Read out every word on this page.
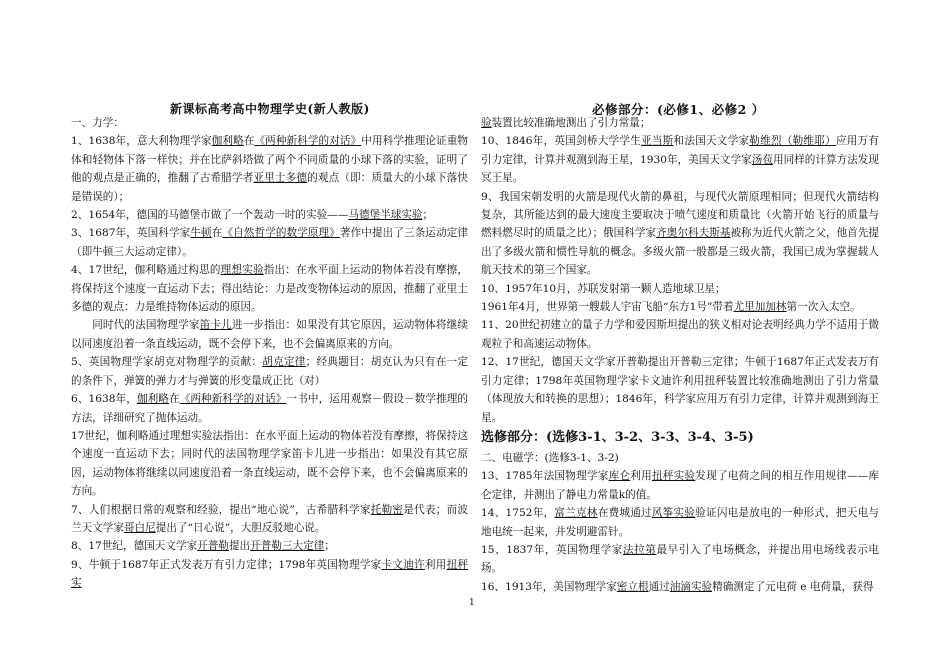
新课标高考高中物理学史(新人教版)	必修部分：(必修1、必修2 ）

一、力学：

1、1638年，意大利物理学家伽利略在《两种新科学的对话》中用科学推理论证重物体和轻物体下落一样快；并在比萨斜塔做了两个不同质量的小球下落的实验，证明了他的观点是正确的，推翻了古希腊学者亚里士多德的观点（即：质量大的小球下落快是错误的）；

2、1654年，德国的马德堡市做了一个轰动一时的实验——马德堡半球实验；

3、1687年，英国科学家牛顿在《自然哲学的数学原理》著作中提出了三条运动定律（即牛顿三大运动定律）。

4、17世纪，伽利略通过构思的理想实验指出：在水平面上运动的物体若没有摩擦，将保持这个速度一直运动下去；得出结论：力是改变物体运动的原因，推翻了亚里士多德的观点：力是维持物体运动的原因。

同时代的法国物理学家笛卡儿进一步指出：如果没有其它原因，运动物体将继续以同速度沿着一条直线运动，既不会停下来，也不会偏离原来的方向。

5、英国物理学家胡克对物理学的贡献：胡克定律；经典题目：胡克认为只有在一定的条件下，弹簧的弹力才与弹簧的形变量成正比（对）

6、1638年，伽利略在《两种新科学的对话》一书中，运用观察－假设－数学推理的方法，详细研究了抛体运动。

17世纪，伽利略通过理想实验法指出：在水平面上运动的物体若没有摩擦，将保持这个速度一直运动下去；同时代的法国物理学家笛卡儿进一步指出：如果没有其它原因，运动物体将继续以同速度沿着一条直线运动，既不会停下来，也不会偏离原来的方向。

7、人们根据日常的观察和经验，提出“地心说”，古希腊科学家托勒密是代表；而波兰天文学家哥白尼提出了“日心说”，大胆反驳地心说。

8、17世纪，德国天文学家开普勒提出开普勒三大定律；

9、牛顿于1687年正式发表万有引力定律；1798年英国物理学家卡文迪许利用扭秤实

验装置比较准确地测出了引力常量；

10、1846年，英国剑桥大学学生亚当斯和法国天文学家勒维烈（勒维耶）应用万有引力定律，计算并观测到海王星，1930年，美国天文学家汤苞用同样的计算方法发现冥王星。

9、我国宋朝发明的火箭是现代火箭的鼻祖，与现代火箭原理相同；但现代火箭结构复杂，其所能达到的最大速度主要取决于喷气速度和质量比（火箭开始飞行的质量与燃料燃尽时的质量之比）；俄国科学家齐奥尔科夫斯基被称为近代火箭之父，他首先提出了多级火箭和惯性导航的概念。多级火箭一般都是三级火箭，我国已成为掌握载人航天技术的第三个国家。

10、1957年10月，苏联发射第一颗人造地球卫星；

1961年4月，世界第一艘载人宇宙飞船“东方1号”带着尤里加加林第一次入太空。

11、20世纪初建立的量子力学和爱因斯坦提出的狭义相对论表明经典力学不适用于微观粒子和高速运动物体。

12、17世纪，德国天文学家开普勒提出开普勒三定律；牛顿于1687年正式发表万有引力定律；1798年英国物理学家卡文迪许利用扭秤装置比较准确地测出了引力常量（体现放大和转换的思想）；1846年，科学家应用万有引力定律，计算并观测到海王星。

选修部分：(选修3-1、3-2、3-3、3-4、3-5)

二、电磁学：(选修3-1、3-2)

13、1785年法国物理学家库仑利用扭秤实验发现了电荷之间的相互作用规律——库仑定律，并测出了静电力常量k的值。

14、1752年，富兰克林在费城通过风筝实验验证闪电是放电的一种形式，把天电与地电统一起来，并发明避雷针。

15、1837年，英国物理学家法拉第最早引入了电场概念，并提出用电场线表示电场。

16、1913年，美国物理学家密立根通过油滴实验精确测定了元电荷 e 电荷量，获得

1
